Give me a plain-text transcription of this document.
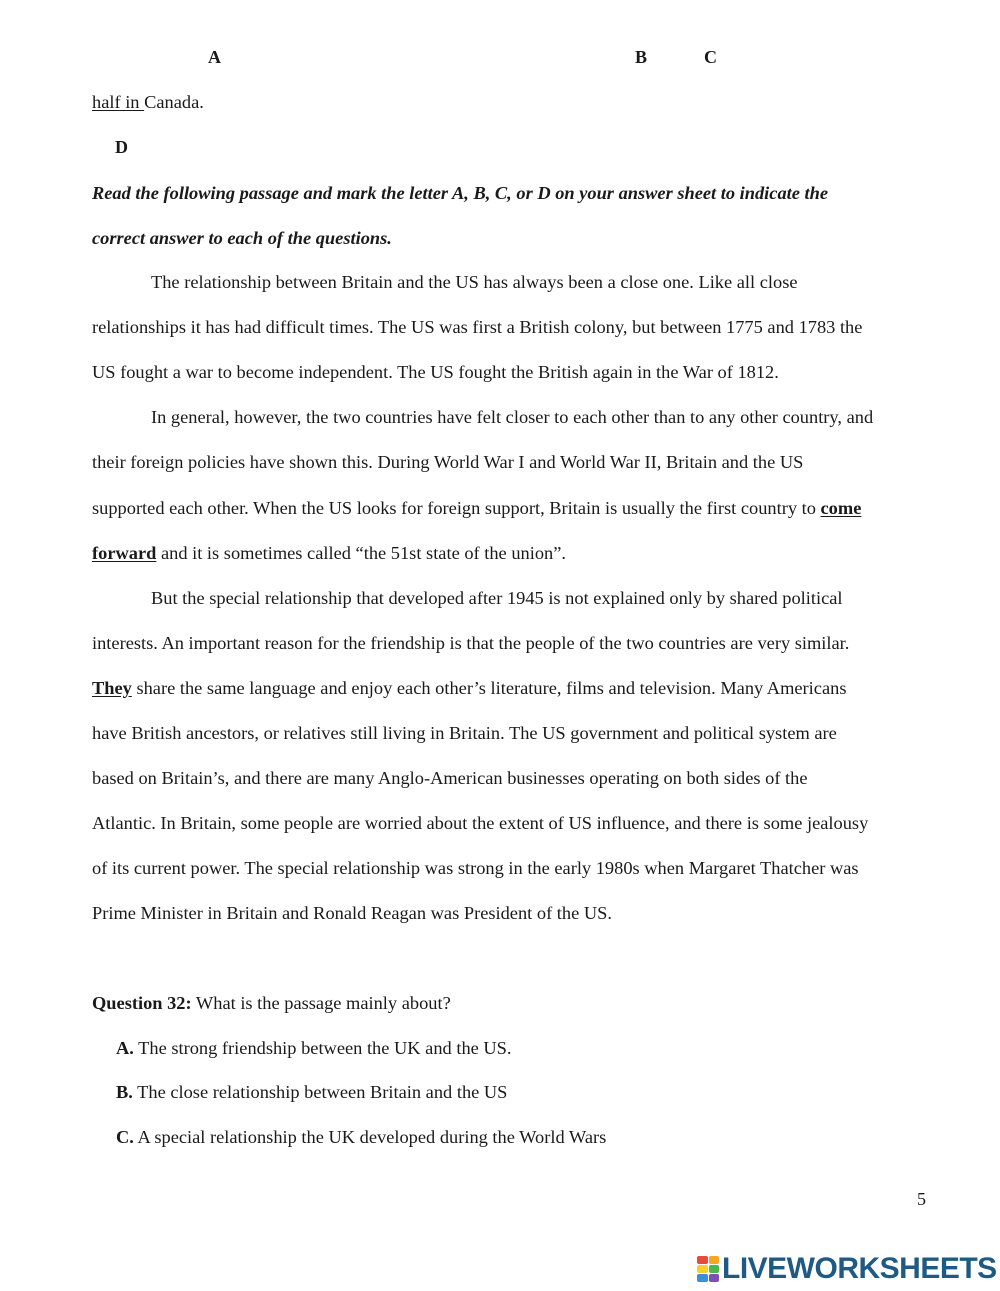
A	B	C
half in Canada.
D
Read the following passage and mark the letter A, B, C, or D on your answer sheet to indicate the
correct answer to each of the questions.
The relationship between Britain and the US has always been a close one. Like all close
relationships it has had difficult times. The US was first a British colony, but between 1775 and 1783 the
US fought a war to become independent. The US fought the British again in the War of 1812.
In general, however, the two countries have felt closer to each other than to any other country, and
their foreign policies have shown this. During World War I and World War II, Britain and the US
supported each other. When the US looks for foreign support, Britain is usually the first country to come
forward and it is sometimes called “the 51st state of the union”.
But the special relationship that developed after 1945 is not explained only by shared political
interests. An important reason for the friendship is that the people of the two countries are very similar.
They share the same language and enjoy each other’s literature, films and television. Many Americans
have British ancestors, or relatives still living in Britain. The US government and political system are
based on Britain’s, and there are many Anglo-American businesses operating on both sides of the
Atlantic. In Britain, some people are worried about the extent of US influence, and there is some jealousy
of its current power. The special relationship was strong in the early 1980s when Margaret Thatcher was
Prime Minister in Britain and Ronald Reagan was President of the US.
Question 32: What is the passage mainly about?
A. The strong friendship between the UK and the US.
B. The close relationship between Britain and the US
C. A special relationship the UK developed during the World Wars
5
LIVEWORKSHEETS
